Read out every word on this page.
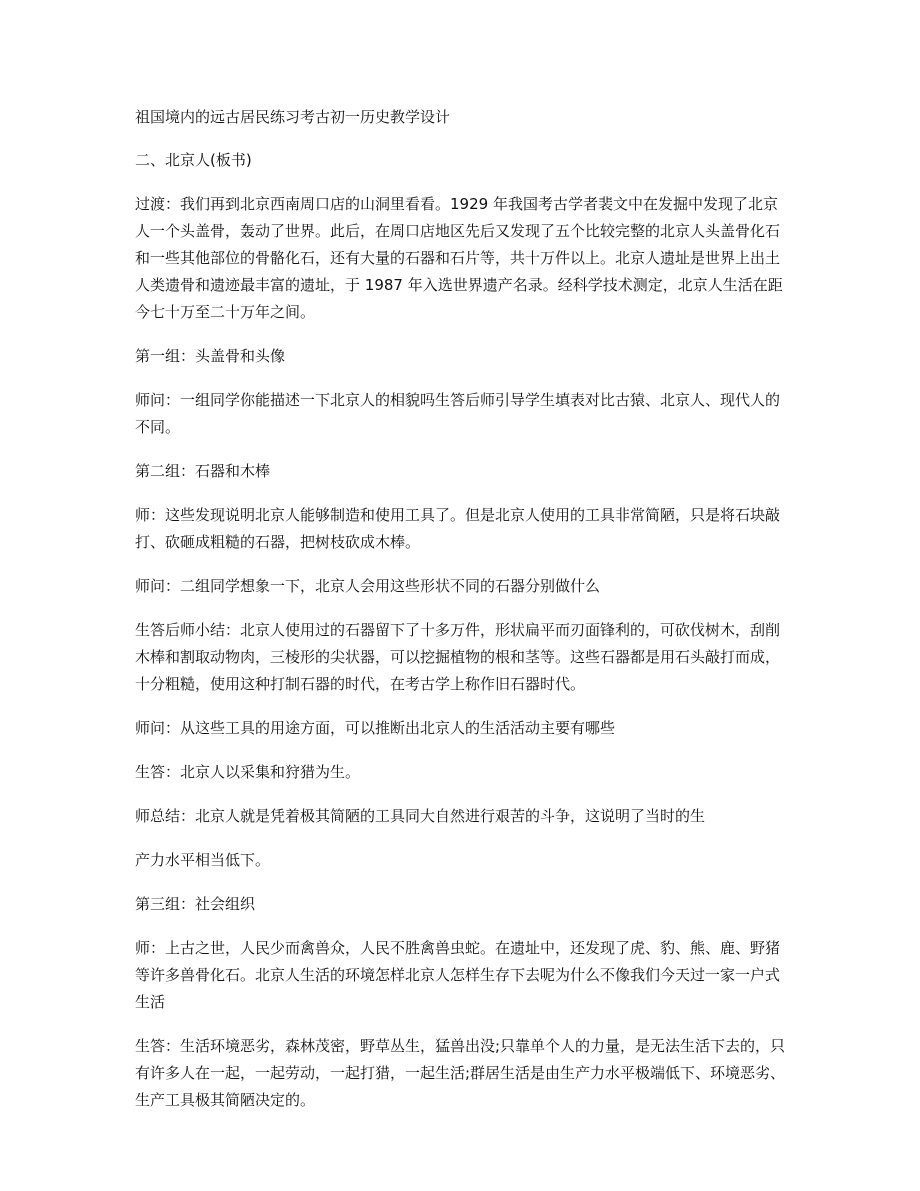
祖国境内的远古居民练习考古初一历史教学设计

二、北京人(板书)

过渡：我们再到北京西南周口店的山洞里看看。1929 年我国考古学者裴文中在发掘中发现了北京人一个头盖骨，轰动了世界。此后，在周口店地区先后又发现了五个比较完整的北京人头盖骨化石和一些其他部位的骨骼化石，还有大量的石器和石片等，共十万件以上。北京人遗址是世界上出土人类遗骨和遗迹最丰富的遗址，于 1987 年入选世界遗产名录。经科学技术测定，北京人生活在距今七十万至二十万年之间。

第一组：头盖骨和头像

师问：一组同学你能描述一下北京人的相貌吗生答后师引导学生填表对比古猿、北京人、现代人的不同。

第二组：石器和木棒

师：这些发现说明北京人能够制造和使用工具了。但是北京人使用的工具非常简陋，只是将石块敲打、砍砸成粗糙的石器，把树枝砍成木棒。

师问：二组同学想象一下，北京人会用这些形状不同的石器分别做什么

生答后师小结：北京人使用过的石器留下了十多万件，形状扁平而刃面锋利的，可砍伐树木，刮削木棒和割取动物肉，三棱形的尖状器，可以挖掘植物的根和茎等。这些石器都是用石头敲打而成，十分粗糙，使用这种打制石器的时代，在考古学上称作旧石器时代。

师问：从这些工具的用途方面，可以推断出北京人的生活活动主要有哪些

生答：北京人以采集和狩猎为生。

师总结：北京人就是凭着极其简陋的工具同大自然进行艰苦的斗争，这说明了当时的生

产力水平相当低下。

第三组：社会组织

师：上古之世，人民少而禽兽众，人民不胜禽兽虫蛇。在遗址中，还发现了虎、豹、熊、鹿、野猪等许多兽骨化石。北京人生活的环境怎样北京人怎样生存下去呢为什么不像我们今天过一家一户式生活

生答：生活环境恶劣，森林茂密，野草丛生，猛兽出没;只靠单个人的力量，是无法生活下去的，只有许多人在一起，一起劳动，一起打猎，一起生活;群居生活是由生产力水平极端低下、环境恶劣、生产工具极其简陋决定的。
